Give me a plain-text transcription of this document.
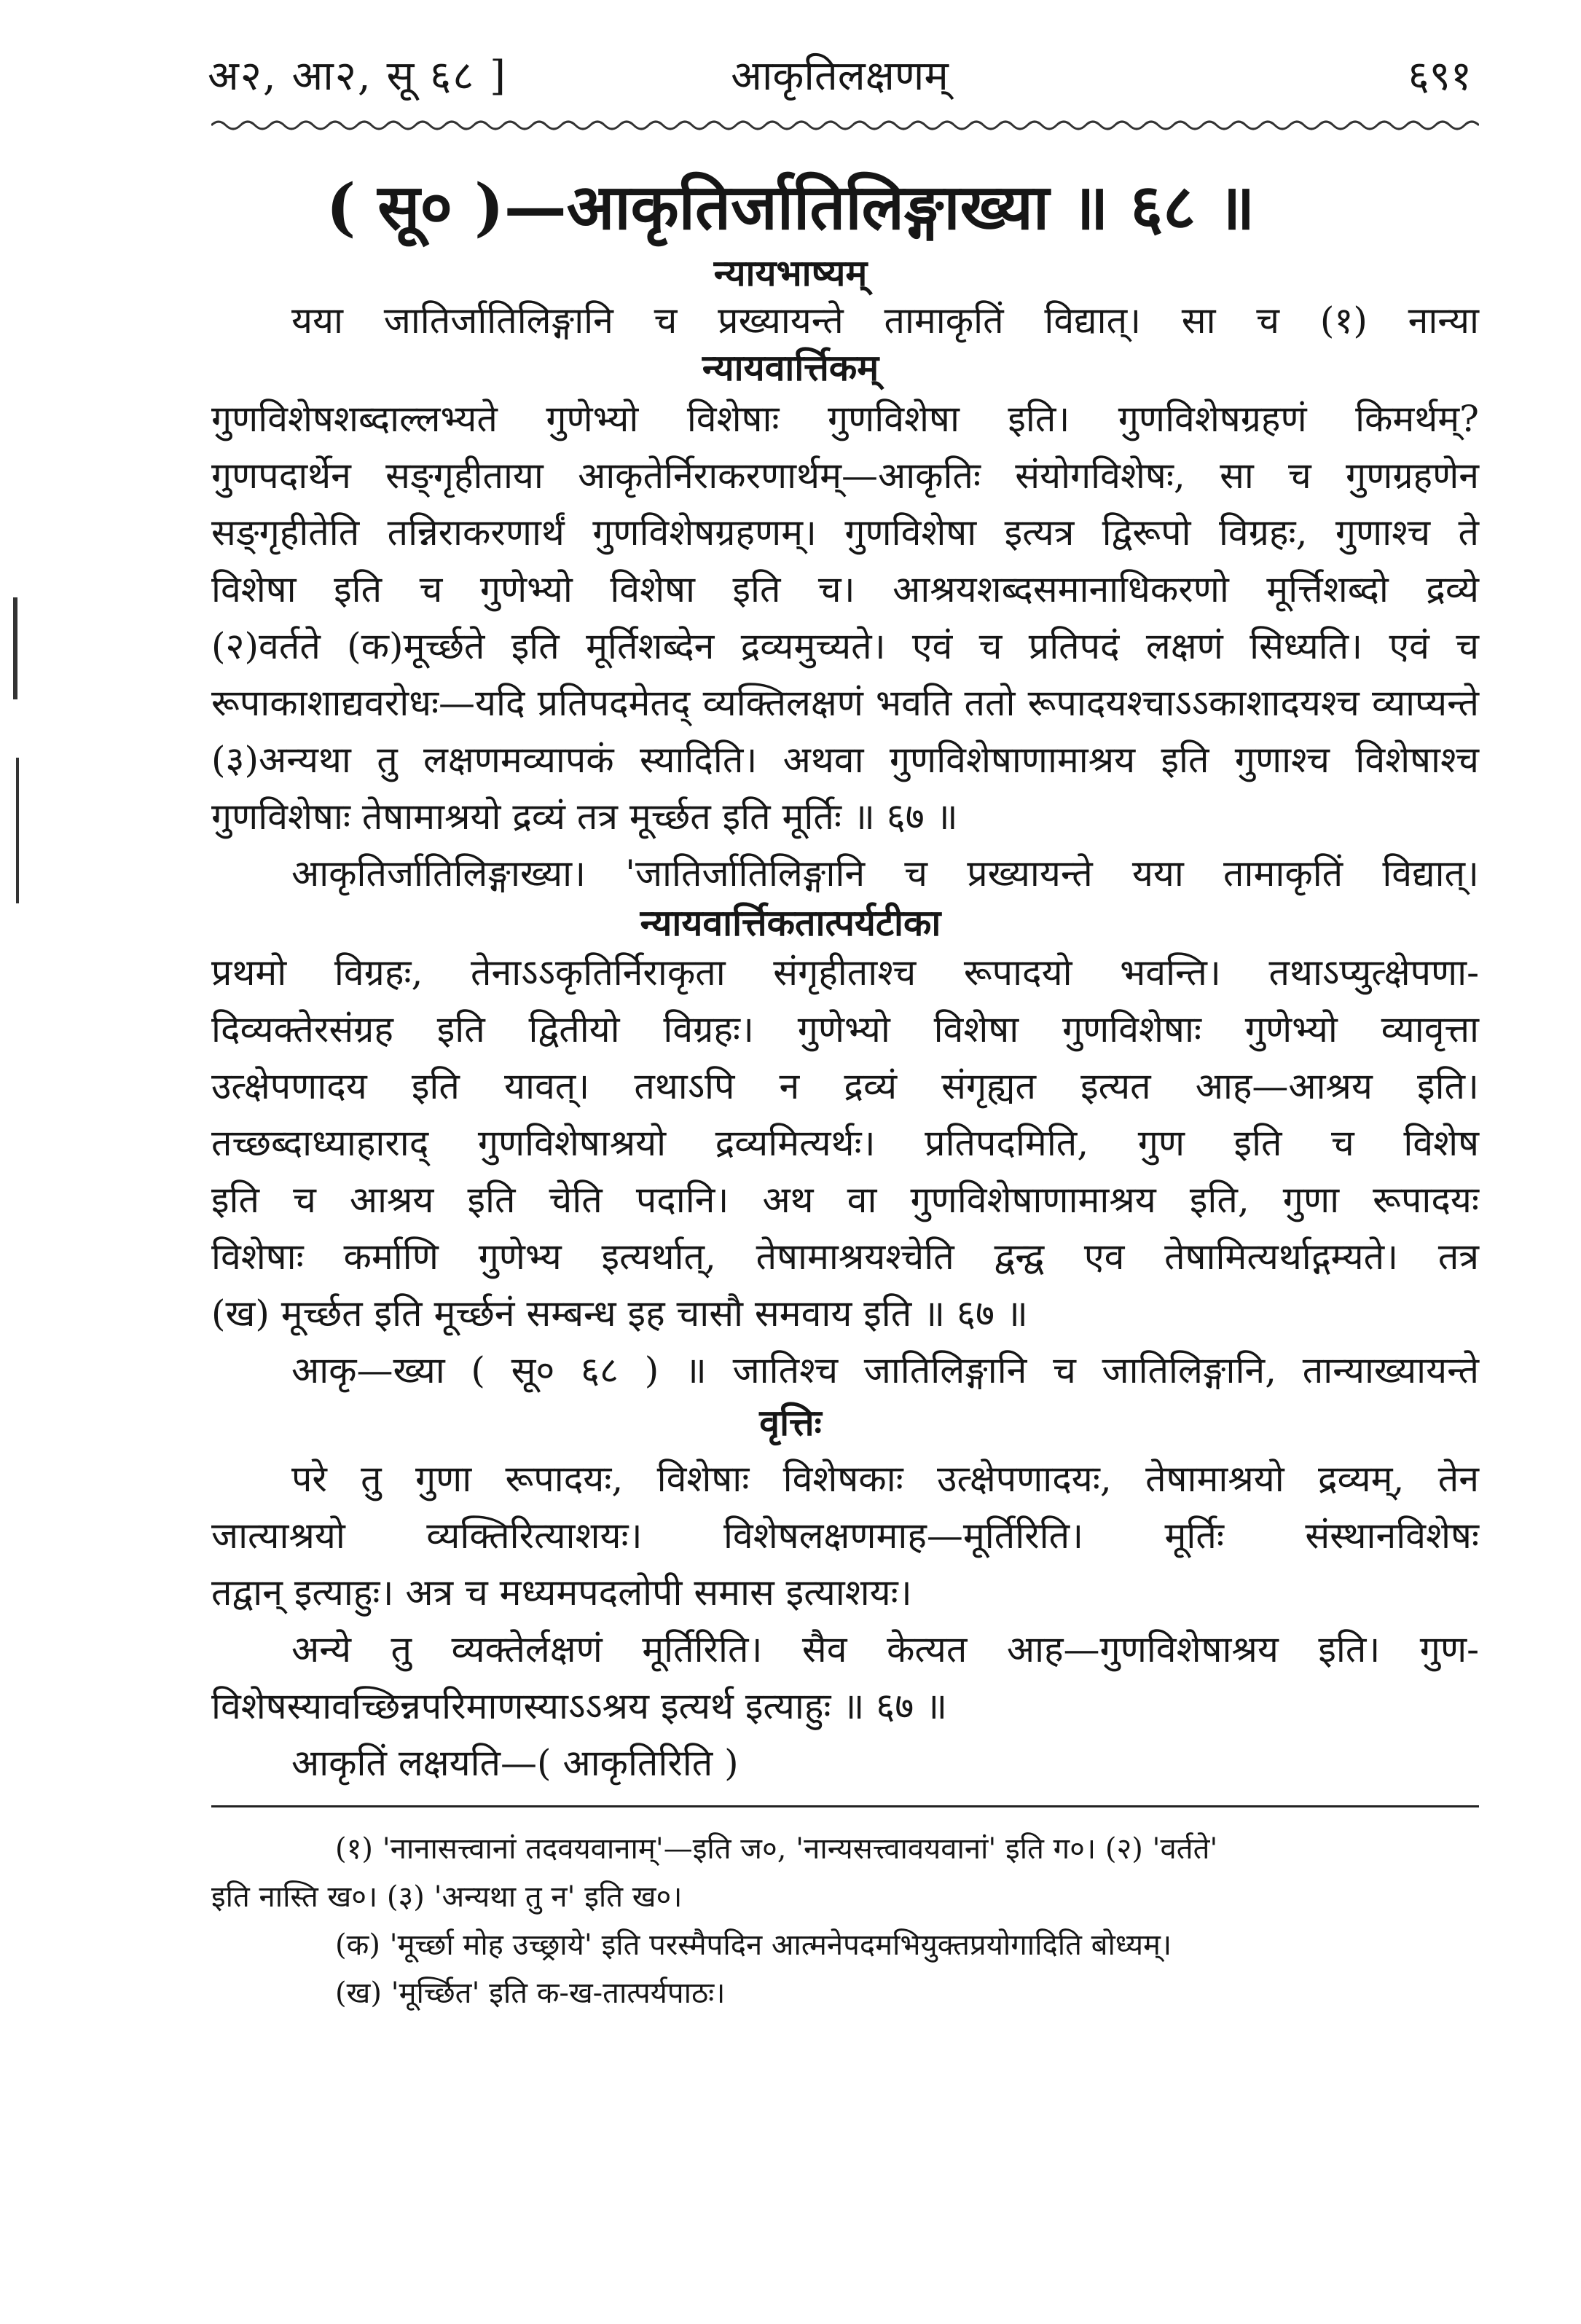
अ२, आ२, सू ६८ ]	आकृतिलक्षणम्	६९१
( सू० )—आकृतिर्जातिलिङ्गाख्या ॥ ६८ ॥
न्यायभाष्यम्
यया जातिर्जातिलिङ्गानि च प्रख्यायन्ते तामाकृतिं विद्यात्। सा च (१) नान्या
न्यायवार्त्तिकम्
गुणविशेषशब्दाल्लभ्यते गुणेभ्यो विशेषाः गुणविशेषा इति। गुणविशेषग्रहणं किमर्थम्?
गुणपदार्थेन सङ्गृहीताया आकृतेर्निराकरणार्थम्—आकृतिः संयोगविशेषः, सा च गुणग्रहणेन
सङ्गृहीतेति तन्निराकरणार्थं गुणविशेषग्रहणम्। गुणविशेषा इत्यत्र द्विरूपो विग्रहः, गुणाश्च ते
विशेषा इति च गुणेभ्यो विशेषा इति च। आश्रयशब्दसमानाधिकरणो मूर्त्तिशब्दो द्रव्ये
(२)वर्तते (क)मूर्च्छते इति मूर्तिशब्देन द्रव्यमुच्यते। एवं च प्रतिपदं लक्षणं सिध्यति। एवं च
रूपाकाशाद्यवरोधः—यदि प्रतिपदमेतद् व्यक्तिलक्षणं भवति ततो रूपादयश्चाऽऽकाशादयश्च व्याप्यन्ते
(३)अन्यथा तु लक्षणमव्यापकं स्यादिति। अथवा गुणविशेषाणामाश्रय इति गुणाश्च विशेषाश्च
गुणविशेषाः तेषामाश्रयो द्रव्यं तत्र मूर्च्छत इति मूर्तिः ॥ ६७ ॥
आकृतिर्जातिलिङ्गाख्या। 'जातिर्जातिलिङ्गानि च प्रख्यायन्ते यया तामाकृतिं विद्यात्।
न्यायवार्त्तिकतात्पर्यटीका
प्रथमो विग्रहः, तेनाऽऽकृतिर्निराकृता संगृहीताश्च रूपादयो भवन्ति। तथाऽप्युत्क्षेपणा-
दिव्यक्तेरसंग्रह इति द्वितीयो विग्रहः। गुणेभ्यो विशेषा गुणविशेषाः गुणेभ्यो व्यावृत्ता
उत्क्षेपणादय इति यावत्। तथाऽपि न द्रव्यं संगृह्यत इत्यत आह—आश्रय इति।
तच्छब्दाध्याहाराद् गुणविशेषाश्रयो द्रव्यमित्यर्थः। प्रतिपदमिति, गुण इति च विशेष
इति च आश्रय इति चेति पदानि। अथ वा गुणविशेषाणामाश्रय इति, गुणा रूपादयः
विशेषाः कर्माणि गुणेभ्य इत्यर्थात्, तेषामाश्रयश्चेति द्वन्द्व एव तेषामित्यर्थाद्गम्यते। तत्र
(ख) मूर्च्छत इति मूर्च्छनं सम्बन्ध इह चासौ समवाय इति ॥ ६७ ॥
आकृ—ख्या ( सू० ६८ ) ॥ जातिश्च जातिलिङ्गानि च जातिलिङ्गानि, तान्याख्यायन्ते
वृत्तिः
परे तु गुणा रूपादयः, विशेषाः विशेषकाः उत्क्षेपणादयः, तेषामाश्रयो द्रव्यम्, तेन
जात्याश्रयो व्यक्तिरित्याशयः। विशेषलक्षणमाह—मूर्तिरिति। मूर्तिः संस्थानविशेषः
तद्वान् इत्याहुः। अत्र च मध्यमपदलोपी समास इत्याशयः।
अन्ये तु व्यक्तेर्लक्षणं मूर्तिरिति। सैव केत्यत आह—गुणविशेषाश्रय इति। गुण-
विशेषस्यावच्छिन्नपरिमाणस्याऽऽश्रय इत्यर्थ इत्याहुः ॥ ६७ ॥
आकृतिं लक्षयति—( आकृतिरिति )
(१) 'नानासत्त्वानां तदवयवानाम्'—इति ज०, 'नान्यसत्त्वावयवानां' इति ग०। (२) 'वर्तते'
इति नास्ति ख०। (३) 'अन्यथा तु न' इति ख०।
(क) 'मूर्च्छा मोह उच्छ्राये' इति परस्मैपदिन आत्मनेपदमभियुक्तप्रयोगादिति बोध्यम्।
(ख) 'मूर्च्छित' इति क-ख-तात्पर्यपाठः।
